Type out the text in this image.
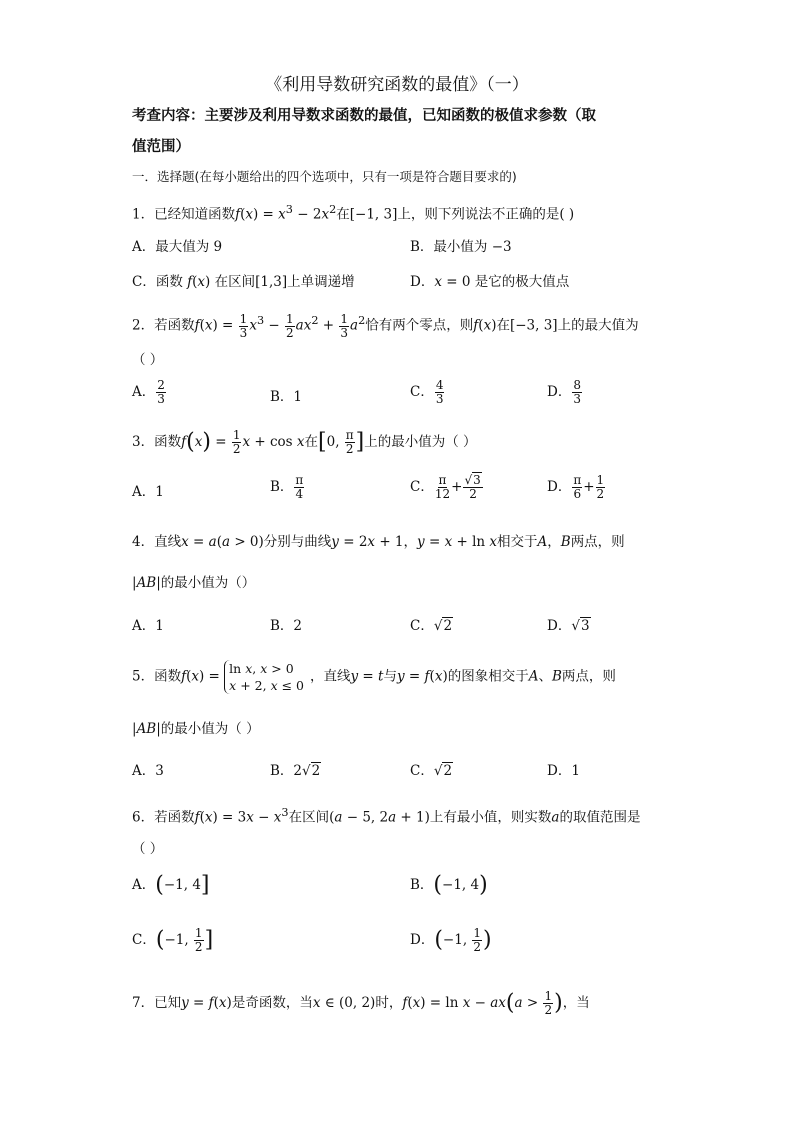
《利用导数研究函数的最值》（一）
考查内容：主要涉及利用导数求函数的最值，已知函数的极值求参数（取
值范围）
一．选择题(在每小题给出的四个选项中，只有一项是符合题目要求的)
1．已经知道函数$f(x) = x^3 - 2x^2$在[−1, 3]上，则下列说法不正确的是( )
A．最大值为 9	B．最小值为 −3
C．函数 f(x) 在区间[1,3]上单调递增	D．x = 0 是它的极大值点
2．若函数$f(x) = \frac{1}{3} x^3 - \frac{1}{2} ax^2 + \frac{1}{3} a^2$恰有两个零点，则f(x)在[−3, 3]上的最大值为
（ ）
A． $\frac{2}{3}$	B．1	C． $\frac{4}{3}$	D． $\frac{8}{3}$
3．函数$f(x) = \frac{1}{2}$ x + cos x在[0, $\frac{\pi}{2}$ ]上的最小值为（ ）
A．1	B． $\frac{\pi}{4}$	C． $\frac{\pi}{12} + \frac{√3}{2}$	D． $\frac{\pi}{6} + \frac{1}{2}$
4．直线x = a(a > 0)分别与曲线y = 2x + 1，y = x + ln x相交于A，B两点，则
|AB|的最小值为（）
A．1	B．2	C．√2	D．√3
5．函数f(x) = ln x, x > 0
x + 2, x ≤ 0，直线y = t与y = f(x)的图象相交于A、B两点，则
|AB|的最小值为（ ）
A．3	B．2√2	C．√2	D．1
6．若函数$f(x) = 3x - x^3$在区间(a − 5, 2a + 1)上有最小值，则实数a的取值范围是
（ ）
A．(−1, 4]	B．(−1, 4)
C．(−1, $\frac{1}{2}$ ]	D．(−1, $\frac{1}{2}$ )
7．已知y = f(x)是奇函数，当x ∈ (0, 2)时，$f(x) = \ln x - ax(a > \frac{1}{2}$ )，当
